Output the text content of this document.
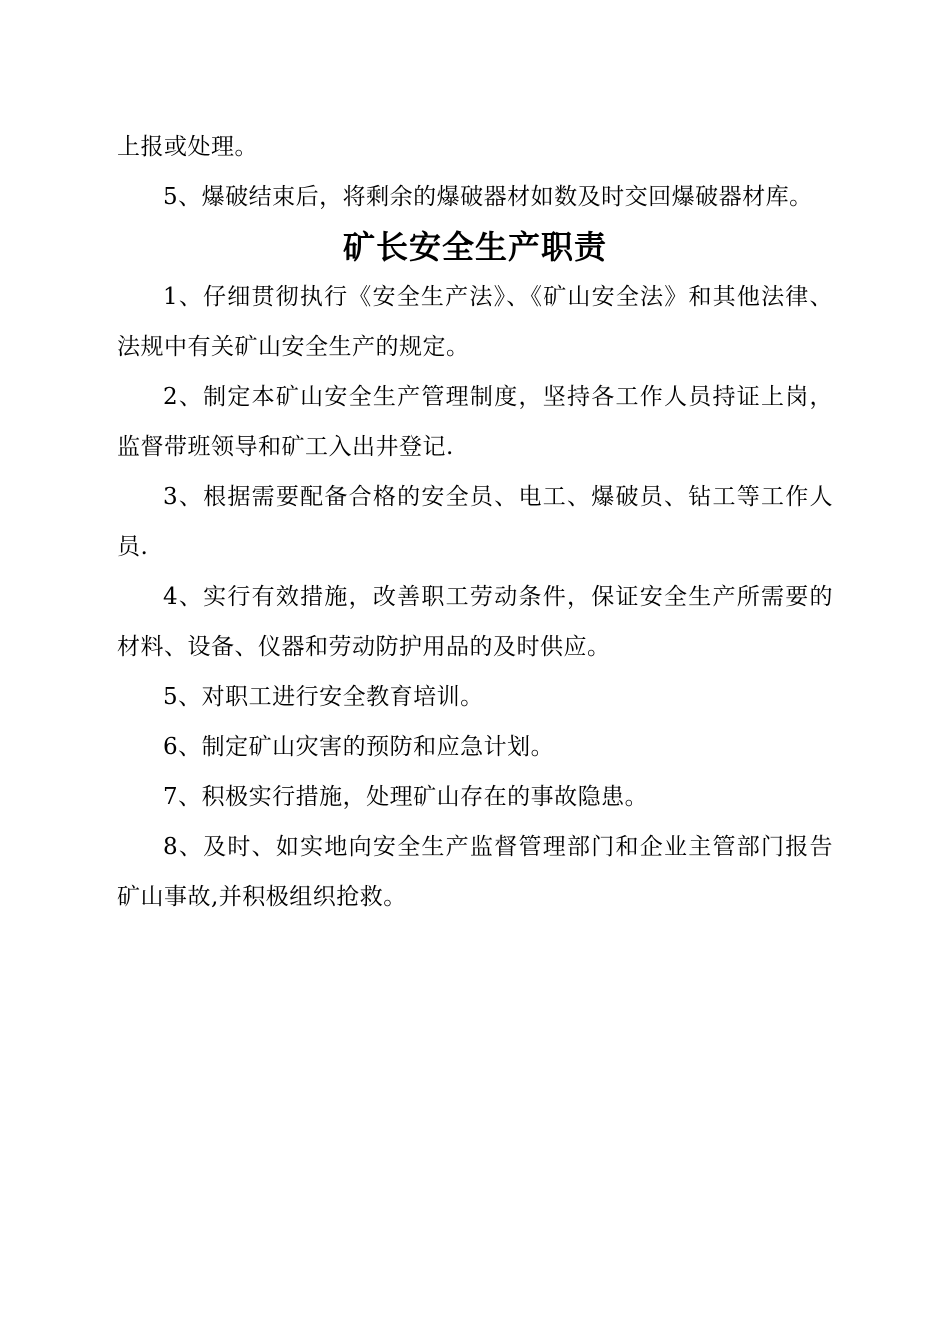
上报或处理。

5、爆破结束后，将剩余的爆破器材如数及时交回爆破器材库。

矿长安全生产职责

1、仔细贯彻执行《安全生产法》、《矿山安全法》和其他法律、法规中有关矿山安全生产的规定。

2、制定本矿山安全生产管理制度，坚持各工作人员持证上岗，监督带班领导和矿工入出井登记.

3、根据需要配备合格的安全员、电工、爆破员、钻工等工作人员.

4、实行有效措施，改善职工劳动条件，保证安全生产所需要的材料、设备、仪器和劳动防护用品的及时供应。

5、对职工进行安全教育培训。

6、制定矿山灾害的预防和应急计划。

7、积极实行措施，处理矿山存在的事故隐患。

8、及时、如实地向安全生产监督管理部门和企业主管部门报告矿山事故,并积极组织抢救。
